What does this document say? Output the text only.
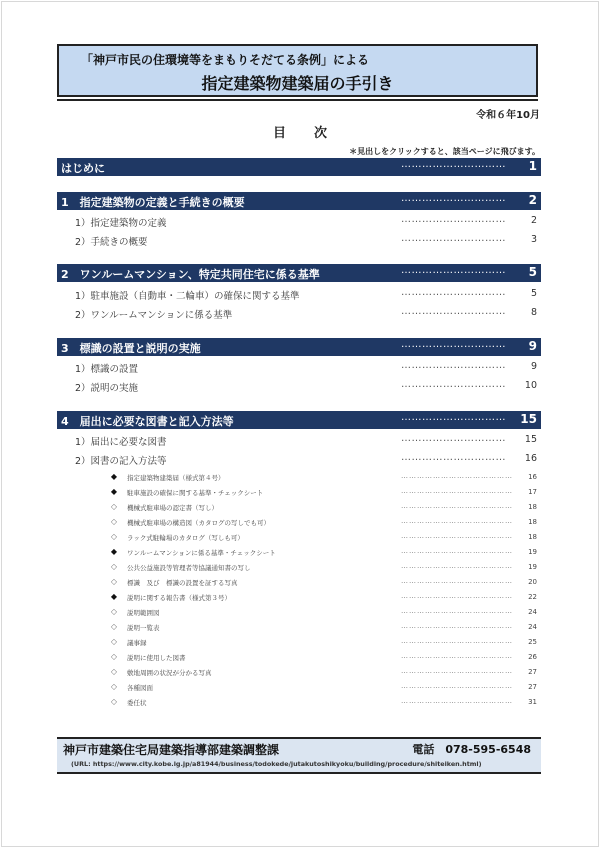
「神戸市民の住環境等をまもりそだてる条例」による
指定建築物建築届の手引き
令和６年10月
目次
＊見出しをクリックすると、該当ページに飛びます。
はじめに	………………………… 1
1　指定建築物の定義と手続きの概要	………………………… 2
1）指定建築物の定義	…………………………	2
2）手続きの概要	…………………………	3
2　ワンルームマンション、特定共同住宅に係る基準	………………………… 5
1）駐車施設（自動車・二輪車）の確保に関する基準	…………………………	5
2）ワンルームマンションに係る基準	…………………………	8
3　標識の設置と説明の実施	………………………… 9
1）標識の設置	…………………………	9
2）説明の実施	………………………… 10
4　届出に必要な図書と記入方法等	………………………… 15
1）届出に必要な図書	………………………… 15
2）図書の記入方法等	………………………… 16
◆ 指定建築物建築届（様式第４号）	…………………………………… 16
◆ 駐車施設の確保に関する基準・チェックシート	…………………………………… 17
◇ 機械式駐車場の認定書（写し）	…………………………………… 18
◇ 機械式駐車場の構造図（カタログの写しでも可）	…………………………………… 18
◇ ラック式駐輪場のカタログ（写しも可）	…………………………………… 18
◆ ワンルームマンションに係る基準・チェックシート	…………………………………… 19
◇ 公共公益施設等管理者等協議通知書の写し	…………………………………… 19
◇ 標識　及び　標識の設置を証する写真	…………………………………… 20
◆ 説明に関する報告書（様式第３号）	…………………………………… 22
◇ 説明範囲図	…………………………………… 24
◇ 説明一覧表	…………………………………… 24
◇ 議事録	…………………………………… 25
◇ 説明に使用した図書	…………………………………… 26
◇ 敷地周囲の状況が分かる写真	…………………………………… 27
◇ 各種図面	…………………………………… 27
◇ 委任状	…………………………………… 31
神戸市建築住宅局建築指導部建築調整課	電話　078-595-6548
(URL: https://www.city.kobe.lg.jp/a81944/business/todokede/jutakutoshikyoku/building/procedure/shiteiken.html)
